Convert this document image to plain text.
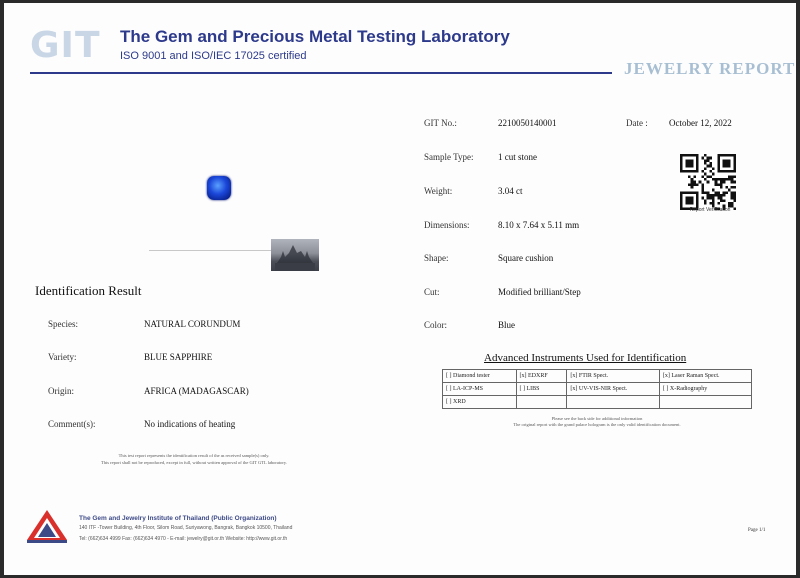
GIT The Gem and Precious Metal Testing Laboratory
ISO 9001 and ISO/IEC 17025 certified
JEWELRY REPORT
GIT No.:	2210050140001	Date : October 12, 2022
Sample Type:	1 cut stone
Weight:	3.04 ct
Dimensions:	8.10 x 7.64 x 5.11 mm
Shape:	Square cushion
Cut:	Modified brilliant/Step
Color:	Blue
Report Verification
Identification Result
Species:	NATURAL CORUNDUM
Variety:	BLUE SAPPHIRE
Origin:	AFRICA (MADAGASCAR)
Comment(s):	No indications of heating
This test report represents the identification result of the as received sample(s) only.
This report shall not be reproduced, except in full, without written approval of the GIT GTL laboratory.
Advanced Instruments Used for Identification
[ ] Diamond tester	[x] EDXRF	[x] FTIR Spect.	[x] Laser Raman Spect.
[ ] LA-ICP-MS	[ ] LIBS	[x] UV-VIS-NIR Spect.	[ ] X-Radiography
[ ] XRD			
Please see the back side for additional information
The original report with the grand palace hologram is the only valid identification document.
The Gem and Jewelry Institute of Thailand (Public Organization)
140 ITF -Tower Building, 4th Floor, Silom Road, Suriyawong, Bangrak, Bangkok 10500, Thailand
Tel: (662)634 4999 Fax: (662)634 4970 - E-mail: jewelry@git.or.th Website: http://www.git.or.th
Page 1/1
